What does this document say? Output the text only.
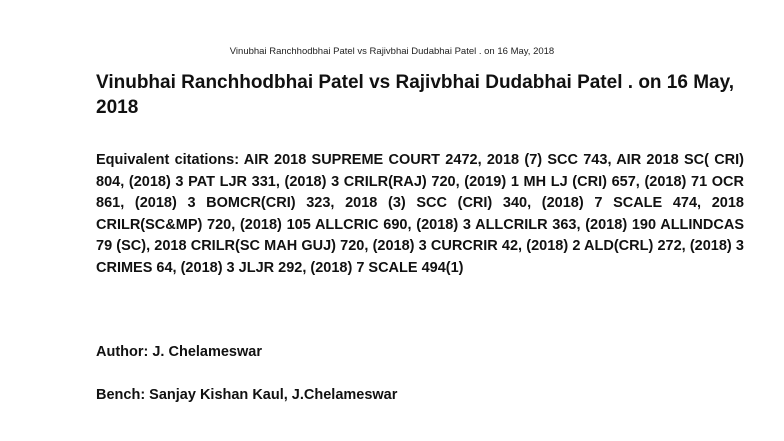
Vinubhai Ranchhodbhai Patel vs Rajivbhai Dudabhai Patel . on 16 May, 2018
Vinubhai Ranchhodbhai Patel vs Rajivbhai Dudabhai Patel . on 16 May, 2018

Equivalent citations: AIR 2018 SUPREME COURT 2472, 2018 (7) SCC 743, AIR 2018 SC( CRI) 804, (2018) 3 PAT LJR 331, (2018) 3 CRILR(RAJ) 720, (2019) 1 MH LJ (CRI) 657, (2018) 71 OCR 861, (2018) 3 BOMCR(CRI) 323, 2018 (3) SCC (CRI) 340, (2018) 7 SCALE 474, 2018 CRILR(SC&MP) 720, (2018) 105 ALLCRIC 690, (2018) 3 ALLCRILR 363, (2018) 190 ALLINDCAS 79 (SC), 2018 CRILR(SC MAH GUJ) 720, (2018) 3 CURCRIR 42, (2018) 2 ALD(CRL) 272, (2018) 3 CRIMES 64, (2018) 3 JLJR 292, (2018) 7 SCALE 494(1)

Author: J. Chelameswar

Bench: Sanjay Kishan Kaul, J.Chelameswar
